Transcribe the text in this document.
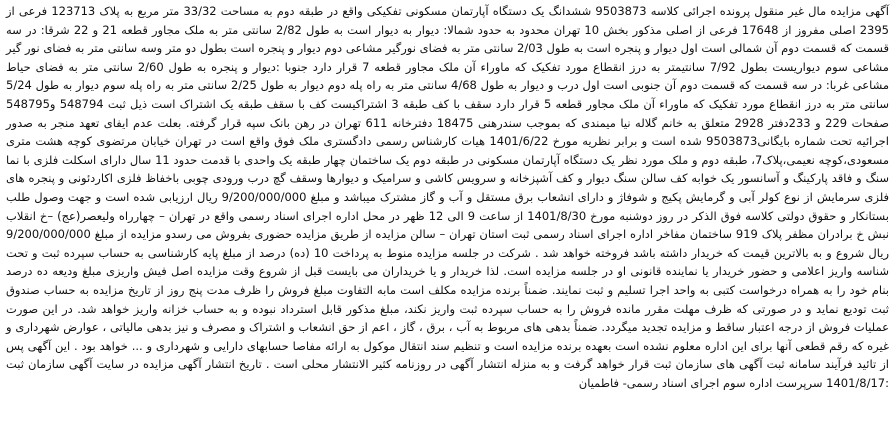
آگهی مزایده مال غیر منقول پرونده اجرائی کلاسه 9503873 ششدانگ یک دستگاه آپارتمان مسکونی تفکیکی واقع در طبقه دوم به مساحت 33/32 متر مربع به پلاک 123713 فرعی از 2395 اصلی مفروز از 17648 فرعی از اصلی مذکور بخش 10 تهران محدود به حدود شمالا: دیوار به دیوار است به طول 2/82 سانتی متر به ملک مجاور قطعه 21 و 22 شرقا: در سه قسمت که قسمت دوم آن شمالی است اول دیوار و پنجره است به طول 2/03 سانتی متر به فضای نورگیر مشاعی دوم دیوار و پنجره است بطول دو متر وسه سانتی متر به فضای نور گیر مشاعی سوم دیواریست بطول 7/92 سانتیمتر به درز انقطاع مورد تفکیک که ماوراء آن ملک مجاور قطعه 7 قرار دارد جنوبا :دیوار و پنجره به طول 2/60 سانتی متر به فضای حیاط مشاعی غربا: در سه قسمت که قسمت دوم آن جنوبی است اول درب و دیوار به طول 4/68 سانتی متر به راه پله دوم دیوار به طول 2/25 سانتی متر به راه پله سوم دیوار به طول 5/24 سانتی متر به درز انقطاع مورد تفکیک که ماوراء آن ملک مجاور قطعه 5 قرار دارد سقف با کف طبقه 3 اشتراکیست کف با سقف طبقه یک اشتراک است ذیل ثبت 548794 و548795 صفحات 229 و 233دفتر 2928 متعلق به خانم گلاله نیا میمندی که بموجب سندرهنی 18475 دفترخانه 611 تهران در رهن بانک سپه قرار گرفته. بعلت عدم ایفای تعهد منجر به صدور اجرائیه تحت شماره بایگانی9503873 شده است و برابر نظریه مورخ 1401/6/22 هیات کارشناس رسمی دادگستری ملک فوق واقع است در تهران خیابان مرتضوی کوچه هشت متری مسعودی،کوچه نعیمی،پلاک7، طبقه دوم و ملک مورد نظر یک دستگاه آپارتمان مسکونی در طبقه دوم یک ساختمان چهار طبقه یک واحدی با قدمت حدود 11 سال دارای اسکلت فلزی با نما سنگ و فاقد پارکینگ و آسانسور یک خوابه کف سالن سنگ دیوار و کف آشپزخانه و سرویس کاشی و سرامیک و دیوارها وسقف گچ درب ورودی چوبی باخفاظ فلزی اکاردئونی و پنجره های فلزی سرمایش از نوع کولر آبی و گرمایش پکیج و شوفاژ و دارای انشعاب برق مستقل و آب و گاز مشترک میباشد و مبلغ 9/200/000/000 ریال ارزیابی شده است و جهت وصول طلب بستانکار و حقوق دولتی کلاسه فوق الذکر در روز دوشنبه مورخ 1401/8/30 از ساعت 9 الی 12 ظهر در محل اداره اجرای اسناد رسمی واقع در تهران – چهارراه ولیعصر(عج) –خ انقلاب نبش خ برادران مظفر پلاک 919 ساختمان مفاخر اداره اجرای اسناد رسمی ثبت استان تهران – سالن مزایده از طریق مزایده حضوری بفروش می رسدو مزایده از مبلغ 9/200/000/000 ریال شروع و به بالاترین قیمت که خریدار داشته باشد فروخته خواهد شد . شرکت در جلسه مزایده منوط به پرداخت 10 (ده) درصد از مبلغ پایه کارشناسی به حساب سپرده ثبت و تحت شناسه واریز اعلامی و حضور خریدار یا نماینده قانونی او در جلسه مزایده است. لذا خریدار و یا خریداران می بایست قبل از شروع وقت مزایده اصل فیش واریزی مبلغ ودیعه ده درصد بنام خود را به همراه درخواست کتبی به واحد اجرا تسلیم و ثبت نمایند. ضمناً برنده مزایده مکلف است مابه التفاوت مبلغ فروش را ظرف مدت پنج روز از تاریخ مزایده به حساب صندوق ثبت تودیع نماید و در صورتی که ظرف مهلت مقرر مانده فروش را به حساب سپرده ثبت واریز نکند، مبلغ مذکور قابل استرداد نبوده و به حساب خزانه واریز خواهد شد. در این صورت عملیات فروش از درجه اعتبار ساقط و مزایده تجدید میگردد. ضمناً بدهی های مربوط به آب ، برق ، گاز ، اعم از حق انشعاب و اشتراک و مصرف و نیز بدهی مالیاتی ، عوارض شهرداری و غیره که رقم قطعی آنها برای این اداره معلوم نشده است بعهده برنده مزایده است و تنظیم سند انتقال موکول به ارائه مفاصا حسابهای دارایی و شهرداری و ... خواهد بود . این آگهی پس از تائید فرآیند سامانه ثبت آگهی های سازمان ثبت قرار خواهد گرفت و به منزله انتشار آگهی در روزنامه کثیر الانتشار محلی است . تاریخ انتشار آگهی مزایده در سایت آگهی سازمان ثبت :1401/8/17 سرپرست اداره سوم اجرای اسناد رسمی- فاطمیان
